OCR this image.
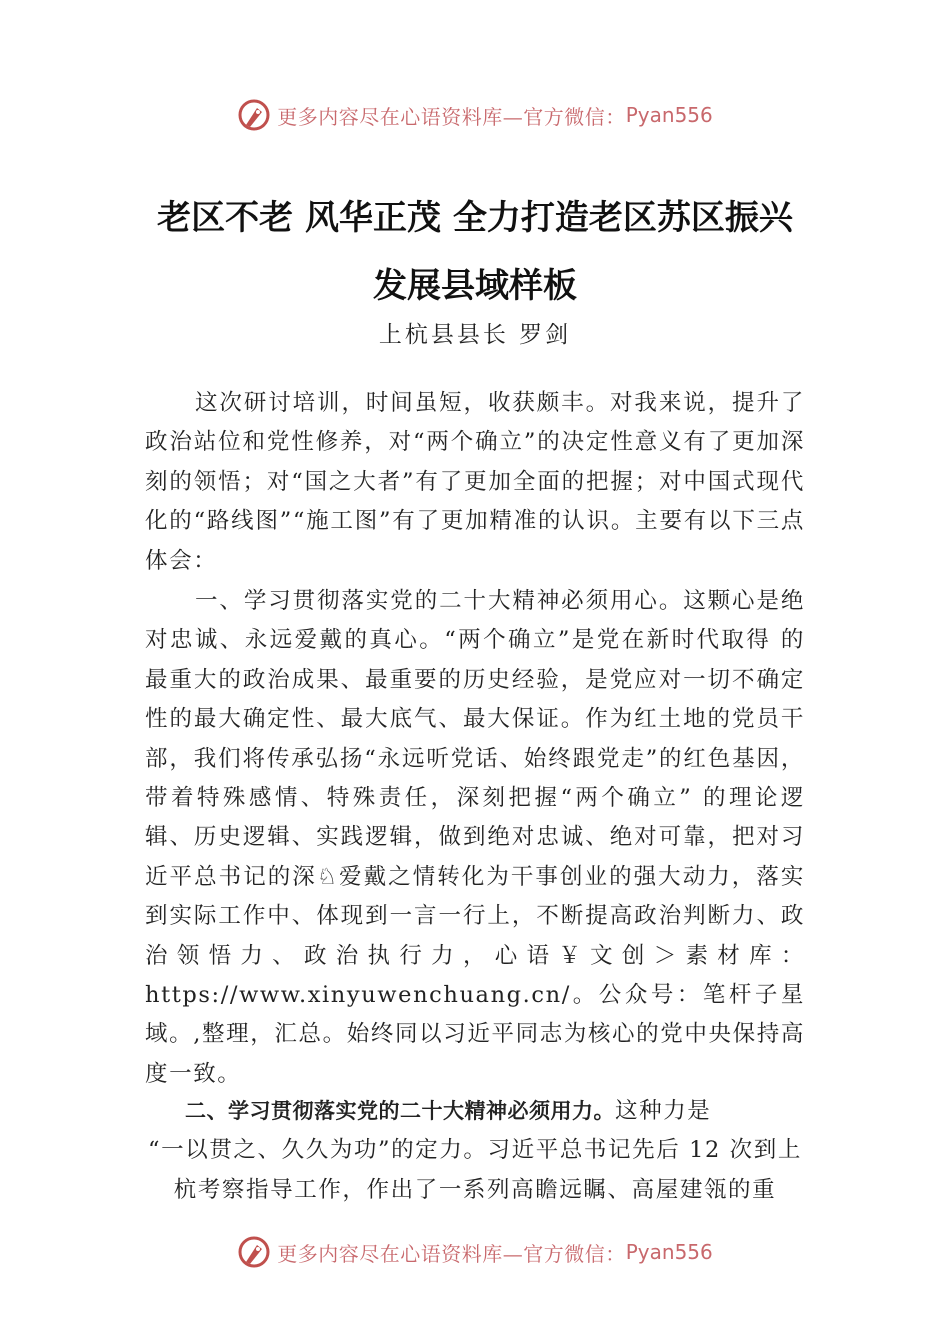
更多内容尽在心语资料库—官方微信： Pyan556
老区不老 风华正茂 全力打造老区苏区振兴
发展县域样板
上杭县县长 罗剑

这次研讨培训，时间虽短，收获颇丰。对我来说，提升了政治站位和党性修养，对“两个确立”的决定性意义有了更加深刻的领悟；对“国之大者”有了更加全面的把握；对中国式现代化的“路线图”“施工图”有了更加精准的认识。主要有以下三点体会：

一、学习贯彻落实党的二十大精神必须用心。这颗心是绝对忠诚、永远爱戴的真心。“两个确立”是党在新时代取得 的最重大的政治成果、最重要的历史经验，是党应对一切不确定性的最大确定性、最大底气、最大保证。作为红土地的党员干部，我们将传承弘扬“永远听党话、始终跟党走”的红色基因，带着特殊感情、特殊责任，深刻把握“两个确立” 的理论逻辑、历史逻辑、实践逻辑，做到绝对忠诚、绝对可靠，把对习近平总书记的深♘爱戴之情转化为干事创业的强大动力，落实到实际工作中、体现到一言一行上，不断提高政治判断力、政治领悟力、政治执行力，心语￥文创＞素材库：https://www.xinyuwenchuang.cn/。公众号：笔杆子星域。,整理，汇总。始终同以习近平同志为核心的党中央保持高度一致。

二、学习贯彻落实党的二十大精神必须用力。这种力是
“一以贯之、久久为功”的定力。习近平总书记先后 12 次到上杭考察指导工作，作出了一系列高瞻远瞩、高屋建瓴的重

更多内容尽在心语资料库—官方微信： Pyan556
